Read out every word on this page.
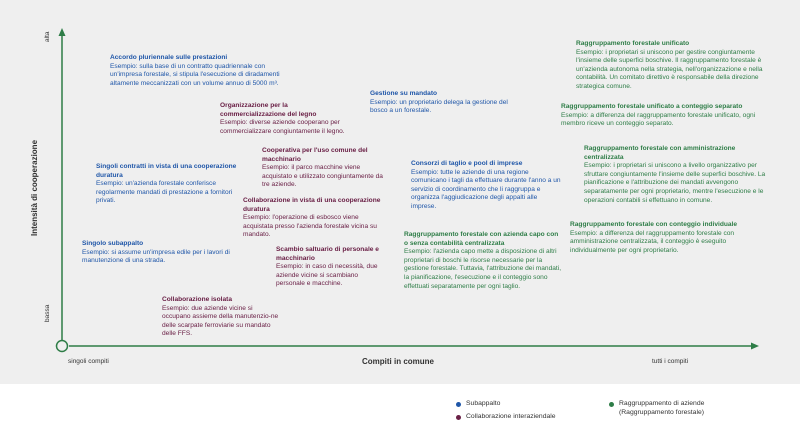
Intensità di cooperazione
alta
bassa
Compiti in comune
singoli compiti	tutti i compiti
Accordo pluriennale sulle prestazioni
Esempio: sulla base di un contratto quadriennale con un'impresa forestale, si stipula l'esecuzione di diradamenti altamente meccanizzati con un volume annuo di 5000 m³.
Singoli contratti in vista di una cooperazione duratura
Esempio: un'azienda forestale conferisce regolarmente mandati di prestazione a fornitori privati.
Singolo subappalto
Esempio: si assume un'impresa edile per i lavori di manutenzione di una strada.
Gestione su mandato
Esempio: un proprietario delega la gestione del bosco a un forestale.
Consorzi di taglio e pool di imprese
Esempio: tutte le aziende di una regione comunicano i tagli da effettuare durante l'anno a un servizio di coordinamento che li raggruppa e organizza l'aggiudicazione degli appalti alle imprese.
Organizzazione per la commercializzazione del legno
Esempio: diverse aziende cooperano per commercializzare congiuntamente il legno.
Cooperativa per l'uso comune del macchinario
Esempio: il parco macchine viene acquistato e utilizzato congiuntamente da tre aziende.
Collaborazione in vista di una cooperazione duratura
Esempio: l'operazione di esbosco viene acquistata presso l'azienda forestale vicina su mandato.
Scambio saltuario di personale e macchinario
Esempio: in caso di necessità, due aziende vicine si scambiano personale e macchine.
Collaborazione isolata
Esempio: due aziende vicine si occupano assieme della manutenzio-ne delle scarpate ferroviarie su mandato delle FFS.
Raggruppamento forestale unificato
Esempio: i proprietari si uniscono per gestire congiuntamente l'insieme delle superfici boschive. Il raggruppamento forestale è un'azienda autonoma nella strategia, nell'organizzazione e nella contabilità. Un comitato direttivo è responsabile della direzione strategica comune.
Raggruppamento forestale unificato a conteggio separato
Esempio: a differenza del raggruppamento forestale unificato, ogni membro riceve un conteggio separato.
Raggruppamento forestale con amministrazione centralizzata
Esempio: i proprietari si uniscono a livello organizzativo per sfruttare congiuntamente l'insieme delle superfici boschive. La pianificazione e l'attribuzione dei mandati avvengono separatamente per ogni proprietario, mentre l'esecuzione e le operazioni contabili si effettuano in comune.
Raggruppamento forestale con conteggio individuale
Esempio: a differenza del raggruppamento forestale con amministrazione centralizzata, il conteggio è eseguito individualmente per ogni proprietario.
Raggruppamento forestale con azienda capo con o senza contabilità centralizzata
Esempio: l'azienda capo mette a disposizione di altri proprietari di boschi le risorse necessarie per la gestione forestale. Tuttavia, l'attribuzione dei mandati, la pianificazione, l'esecuzione e il conteggio sono effettuati separatamente per ogni taglio.
Subappalto
Collaborazione interaziendale
Raggruppamento di aziende (Raggruppamento forestale)
